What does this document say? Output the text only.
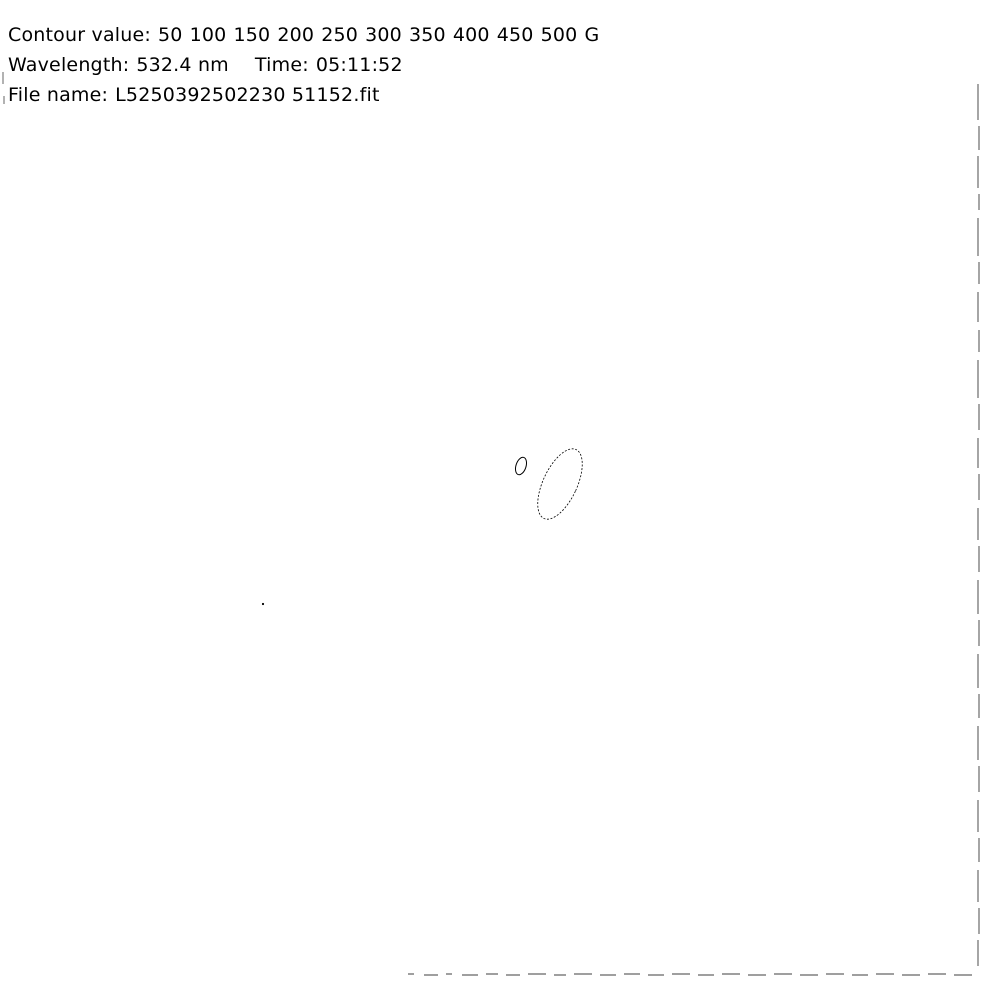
Contour value: 50 100 150 200 250 300 350 400 450 500 G
Wavelength: 532.4 nm Time: 05:11:52
File name: L5250392502230 51152.fit
